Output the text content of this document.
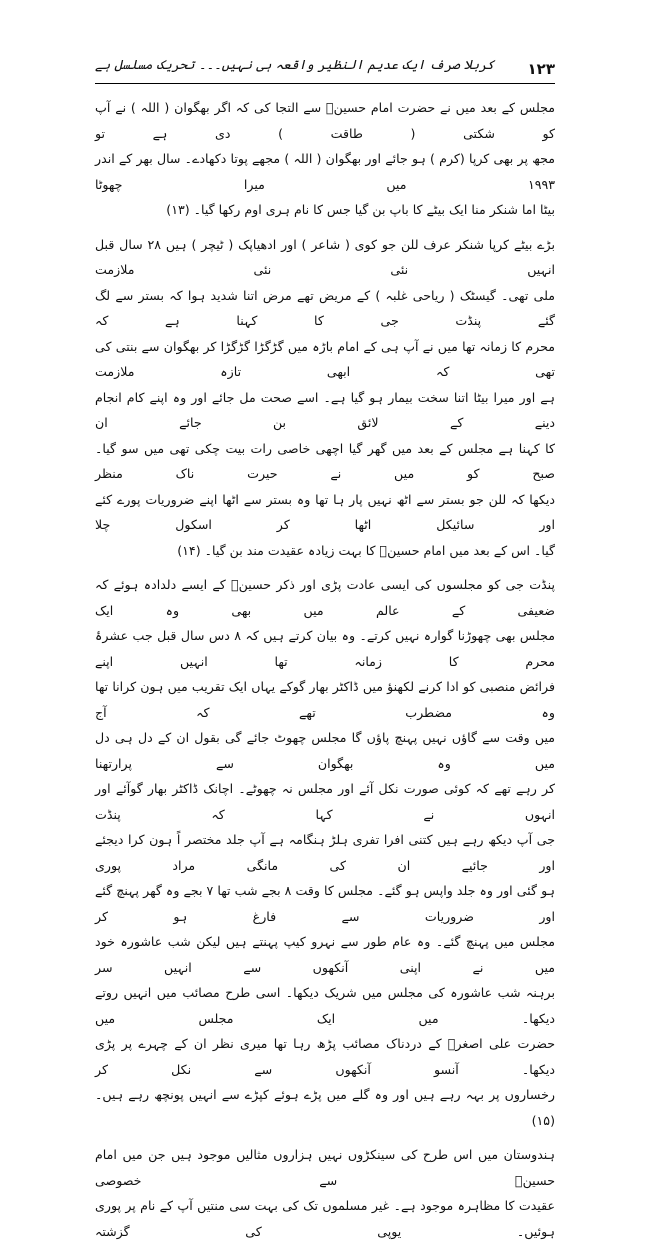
۱۲۳
کربلا صرف ایک عدیم النظیر واقعہ ہی نہیں۔۔۔ تحریک مسلسل ہے

مجلس کے بعد میں نے حضرت امام حسینؑ سے التجا کی کہ اگر بھگوان ( اللہ ) نے آپ کو شکتی ( طاقت ) دی ہے تو
مجھ پر بھی کرپا (کرم ) ہو جائے اور بھگوان ( اللہ ) مجھے پوتا دکھادے۔ سال بھر کے اندر ۱۹۹۳ میں میرا چھوٹا
بیٹا اما شنکر منا ایک بیٹے کا باپ بن گیا جس کا نام ہری اوم رکھا گیا۔ (۱۳)

بڑے بیٹے کرپا شنکر عرف للن جو کوی ( شاعر ) اور ادھیاپک ( ٹیچر ) ہیں ۲۸ سال قبل انہیں نئی نئی ملازمت
ملی تھی۔ گیسٹک ( ریاحی غلبہ ) کے مریض تھے مرض اتنا شدید ہوا کہ بستر سے لگ گئے پنڈت جی کا کہنا ہے کہ
محرم کا زمانہ تھا میں نے آپ ہی کے امام باڑہ میں گڑگڑا گڑگڑا کر بھگوان سے بنتی کی تھی کہ ابھی تازہ ملازمت
ہے اور میرا بیٹا اتنا سخت بیمار ہو گیا ہے۔ اسے صحت مل جائے اور وہ اپنے کام انجام دینے کے لائق بن جائے ان
کا کہنا ہے مجلس کے بعد میں گھر گیا اچھی خاصی رات بیت چکی تھی میں سو گیا۔ صبح کو میں نے حیرت ناک منظر
دیکھا کہ للن جو بستر سے اٹھ نہیں پار ہا تھا وہ بستر سے اٹھا اپنے ضروریات پورے کئے اور سائیکل اٹھا کر اسکول چلا
گیا۔ اس کے بعد میں امام حسینؑ کا بہت زیادہ عقیدت مند بن گیا۔ (۱۴)

پنڈت جی کو مجلسوں کی ایسی عادت پڑی اور ذکر حسینؑ کے ایسے دلدادہ ہوئے کہ ضعیفی کے عالم میں بھی وہ ایک
مجلس بھی چھوڑنا گوارہ نہیں کرتے۔ وہ بیان کرتے ہیں کہ ۸ دس سال قبل جب عشرۂ محرم کا زمانہ تھا انہیں اپنے
فرائض منصبی کو ادا کرنے لکھنؤ میں ڈاکٹر بھار گوکے یہاں ایک تقریب میں ہون کرانا تھا وہ مضطرب تھے کہ آج
میں وقت سے گاؤں نہیں پہنچ پاؤں گا مجلس چھوٹ جائے گی بقول ان کے دل ہی دل میں وہ بھگوان سے پرارتھنا
کر رہے تھے کہ کوئی صورت نکل آئے اور مجلس نہ چھوٹے۔ اچانک ڈاکٹر بھار گوآئے اور انہوں نے کہا کہ پنڈت
جی آپ دیکھ رہے ہیں کتنی افرا تفری ہلڑ ہنگامہ ہے آپ جلد مختصر اً ہون کرا دیجئے اور جائیے ان کی مانگی مراد پوری
ہو گئی اور وہ جلد واپس ہو گئے۔ مجلس کا وقت ۸ بجے شب تھا ۷ بجے وہ گھر پہنچ گئے اور ضروریات سے فارغ ہو کر
مجلس میں پہنچ گئے۔ وہ عام طور سے نہرو کیپ پہنتے ہیں لیکن شب عاشورہ خود میں نے اپنی آنکھوں سے انہیں سر
برہنہ شب عاشورہ کی مجلس میں شریک دیکھا۔ اسی طرح مصائب میں انہیں روتے دیکھا۔ میں ایک مجلس میں
حضرت علی اصغرؑ کے دردناک مصائب پڑھ رہا تھا میری نظر ان کے چہرے پر پڑی دیکھا۔ آنسو آنکھوں سے نکل کر
رخساروں پر بہہ رہے ہیں اور وہ گلے میں پڑے ہوئے کپڑے سے انہیں پونچھ رہے ہیں۔ (۱۵)

ہندوستان میں اس طرح کی سینکڑوں نہیں ہزاروں مثالیں موجود ہیں جن میں امام حسینؑ سے خصوصی
عقیدت کا مظاہرہ موجود ہے۔ غیر مسلموں تک کی بہت سی منتیں آپ کے نام پر پوری ہوئیں۔ یوپی کی گزشتہ
